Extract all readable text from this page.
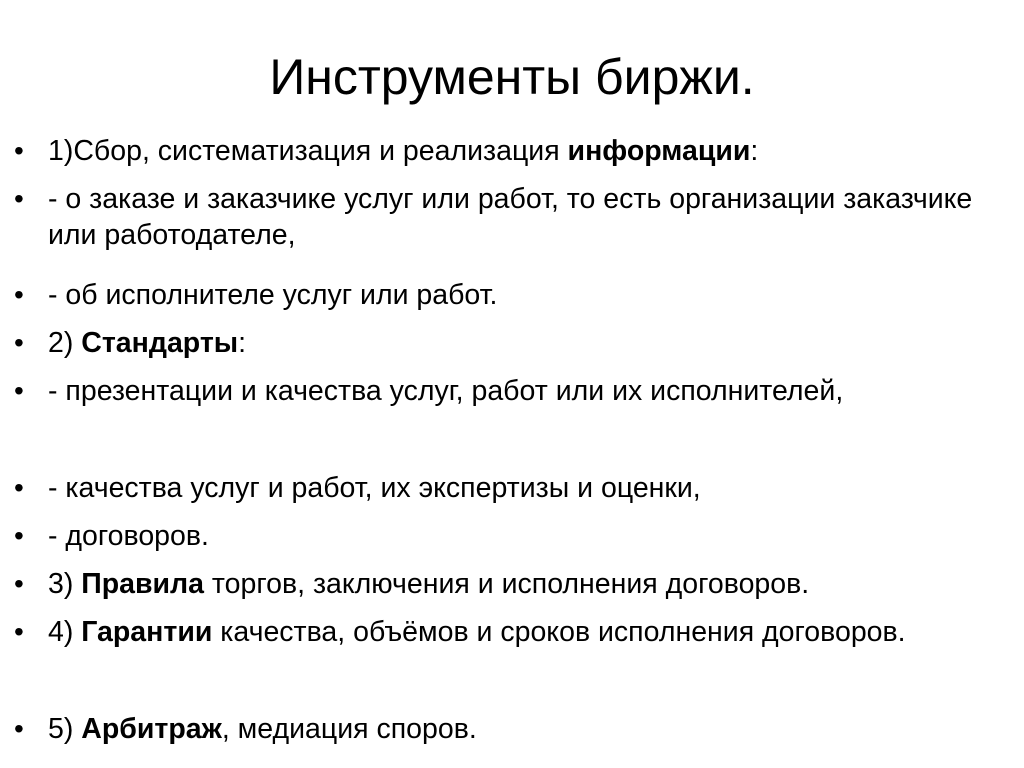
Инструменты биржи.
• 1)Сбор, систематизация и реализация информации:
• - о заказе и заказчике услуг или работ, то есть организации заказчике или работодателе,
• - об исполнителе услуг или работ.
• 2) Стандарты:
• - презентации и качества услуг, работ или их исполнителей,
• - качества услуг и работ, их экспертизы и оценки,
• - договоров.
• 3) Правила торгов, заключения и исполнения договоров.
• 4) Гарантии качества, объёмов и сроков исполнения договоров.
• 5) Арбитраж, медиация споров.
